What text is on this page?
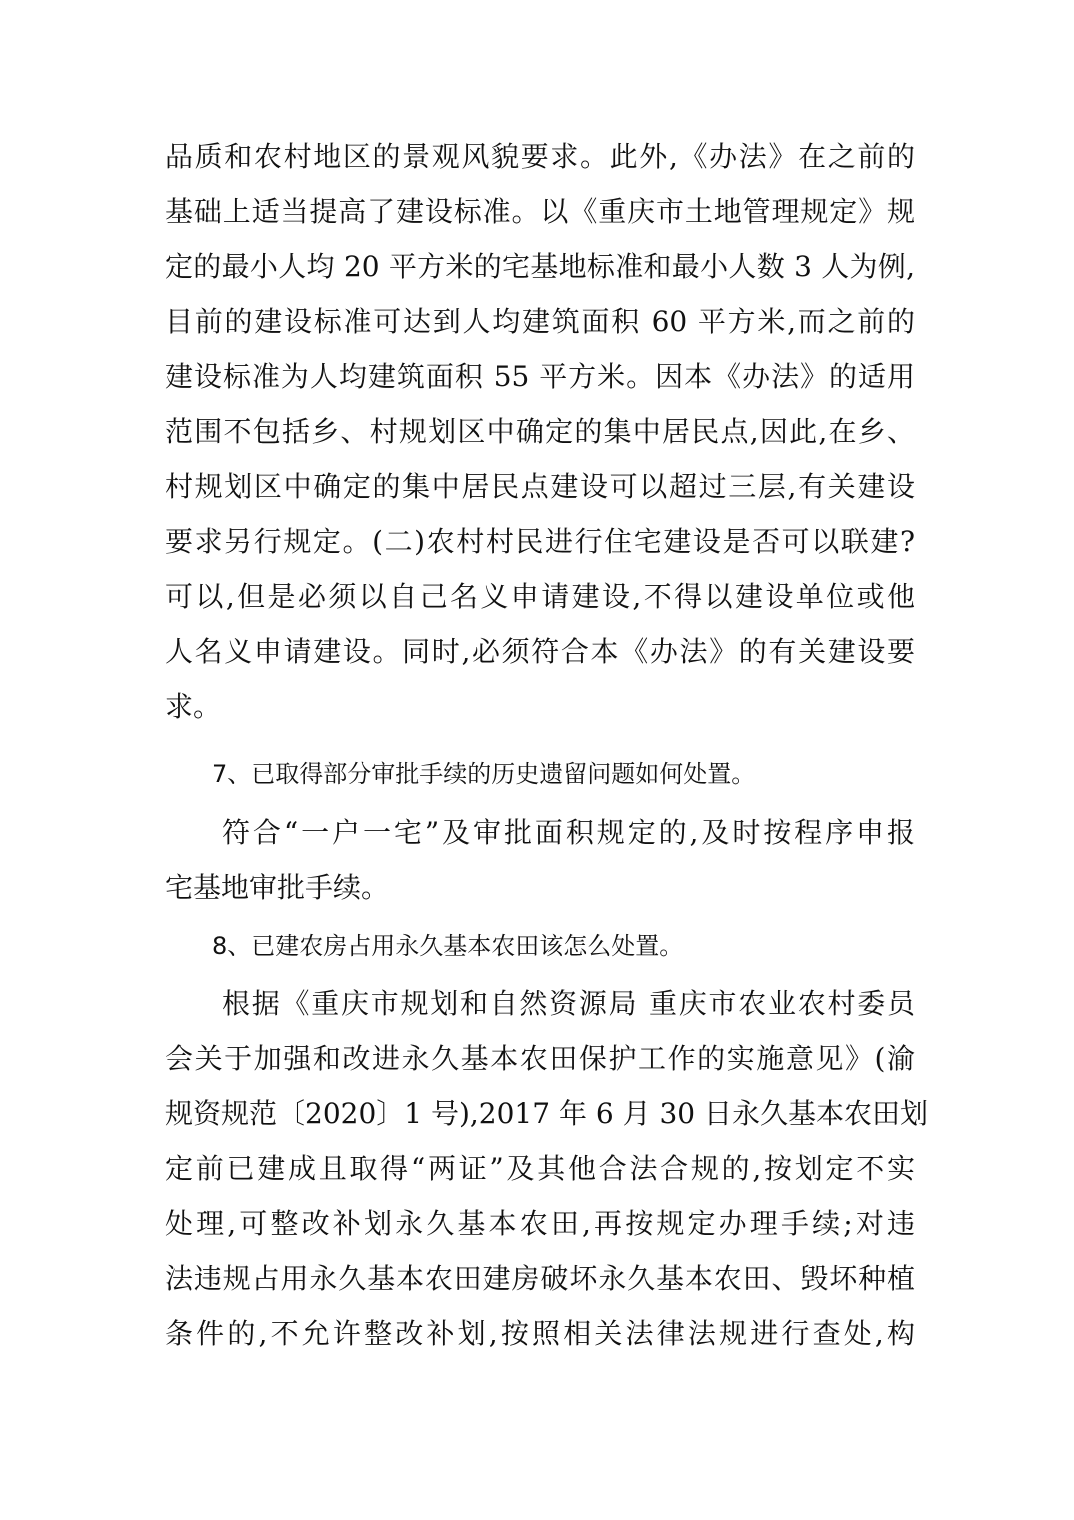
品质和农村地区的景观风貌要求。此外,《办法》在之前的
基础上适当提高了建设标准。以《重庆市土地管理规定》规
定的最小人均 20 平方米的宅基地标准和最小人数 3 人为例,
目前的建设标准可达到人均建筑面积 60 平方米,而之前的
建设标准为人均建筑面积 55 平方米。因本《办法》的适用
范围不包括乡、村规划区中确定的集中居民点,因此,在乡、
村规划区中确定的集中居民点建设可以超过三层,有关建设
要求另行规定。(二)农村村民进行住宅建设是否可以联建?
可以,但是必须以自己名义申请建设,不得以建设单位或他
人名义申请建设。同时,必须符合本《办法》的有关建设要
求。
7、已取得部分审批手续的历史遗留问题如何处置。
符合“一户一宅”及审批面积规定的,及时按程序申报
宅基地审批手续。
8、已建农房占用永久基本农田该怎么处置。
根据《重庆市规划和自然资源局 重庆市农业农村委员
会关于加强和改进永久基本农田保护工作的实施意见》(渝
规资规范〔2020〕1 号),2017 年 6 月 30 日永久基本农田划
定前已建成且取得“两证”及其他合法合规的,按划定不实
处理,可整改补划永久基本农田,再按规定办理手续;对违
法违规占用永久基本农田建房破坏永久基本农田、毁坏种植
条件的,不允许整改补划,按照相关法律法规进行查处,构
